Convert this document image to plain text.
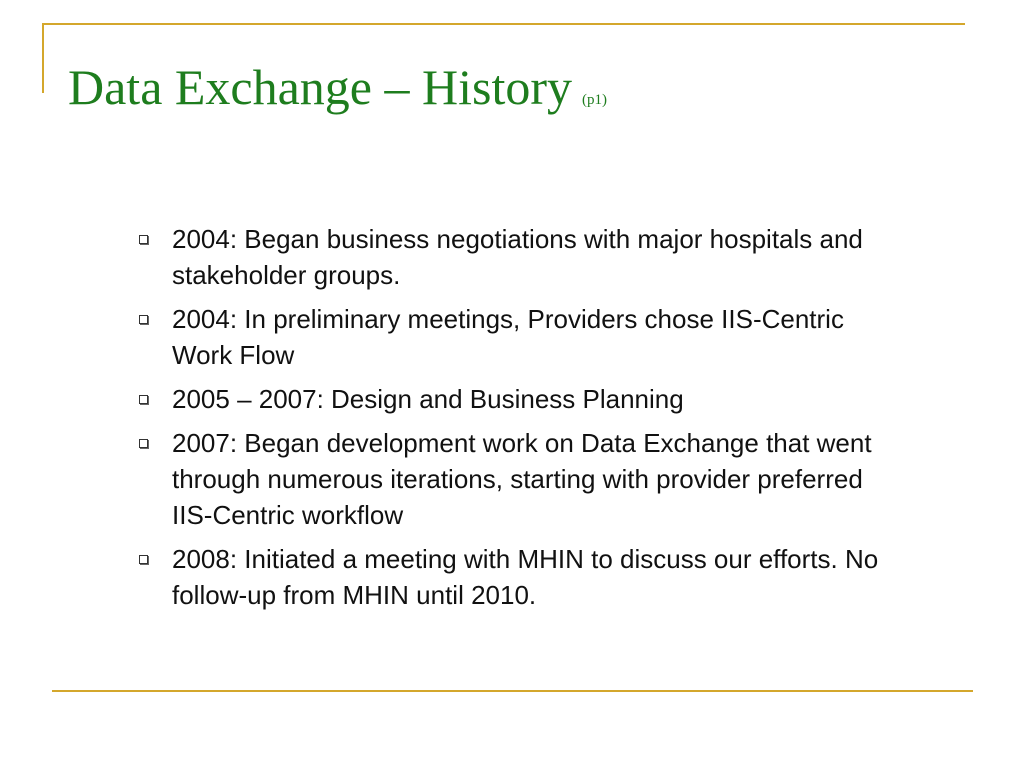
Data Exchange – History (p1)
2004: Began business negotiations with major hospitals and stakeholder groups.
2004: In preliminary meetings, Providers chose IIS-Centric Work Flow
2005 – 2007: Design and Business Planning
2007: Began development work on Data Exchange that went through numerous iterations, starting with provider preferred IIS-Centric workflow
2008: Initiated a meeting with MHIN to discuss our efforts. No follow-up from MHIN until 2010.
